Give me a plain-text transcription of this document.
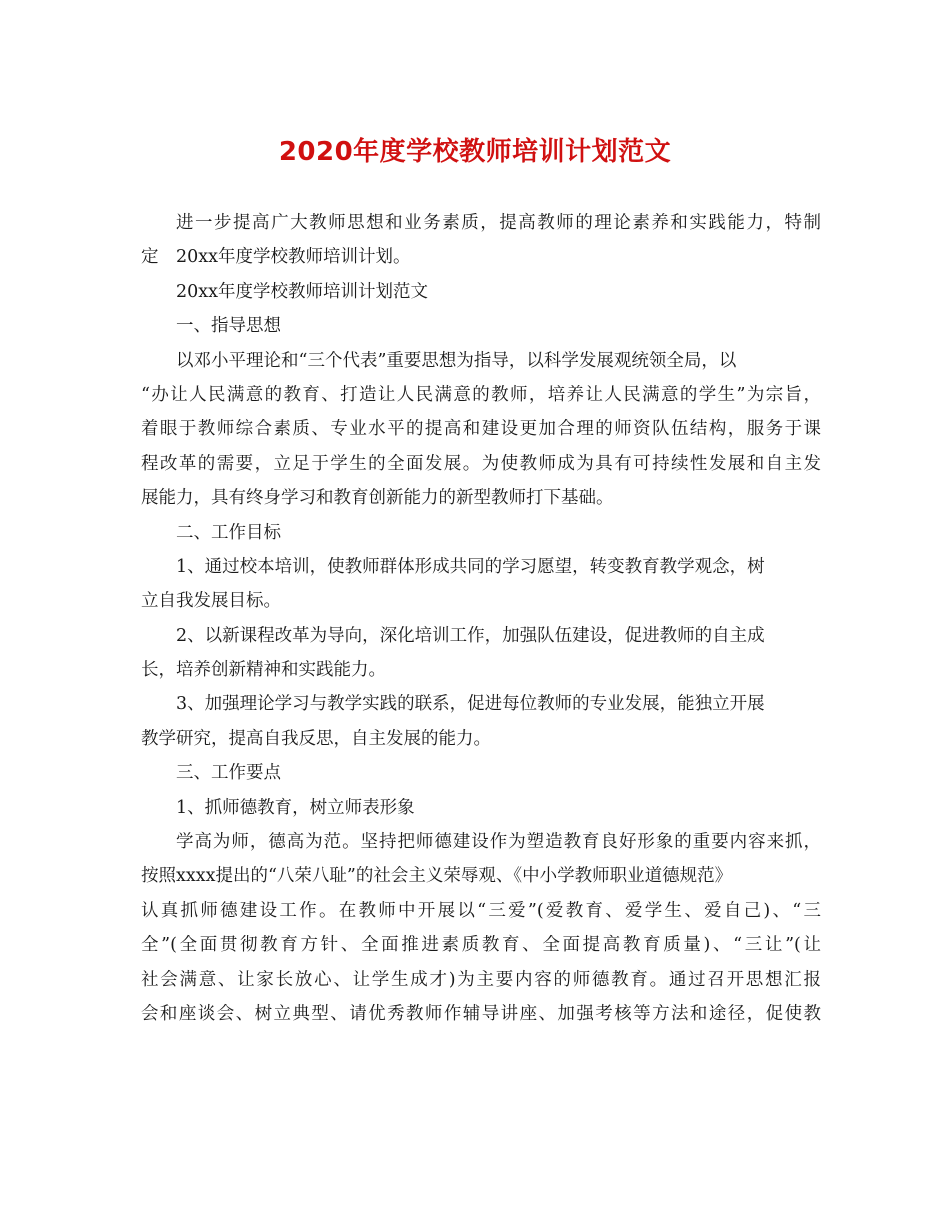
2020年度学校教师培训计划范文
进一步提高广大教师思想和业务素质，提高教师的理论素养和实践能力，特制
定　20xx年度学校教师培训计划。
20xx年度学校教师培训计划范文
一、指导思想
以邓小平理论和“三个代表”重要思想为指导，以科学发展观统领全局，以
“办让人民满意的教育、打造让人民满意的教师，培养让人民满意的学生”为宗旨，
着眼于教师综合素质、专业水平的提高和建设更加合理的师资队伍结构，服务于课
程改革的需要，立足于学生的全面发展。为使教师成为具有可持续性发展和自主发
展能力，具有终身学习和教育创新能力的新型教师打下基础。
二、工作目标
1、通过校本培训，使教师群体形成共同的学习愿望，转变教育教学观念，树
立自我发展目标。
2、以新课程改革为导向，深化培训工作，加强队伍建设，促进教师的自主成
长，培养创新精神和实践能力。
3、加强理论学习与教学实践的联系，促进每位教师的专业发展，能独立开展
教学研究，提高自我反思，自主发展的能力。
三、工作要点
1、抓师德教育，树立师表形象
学高为师，德高为范。坚持把师德建设作为塑造教育良好形象的重要内容来抓，
按照xxxx提出的“八荣八耻”的社会主义荣辱观、《中小学教师职业道德规范》
认真抓师德建设工作。在教师中开展以“三爱”(爱教育、爱学生、爱自己)、“三
全”(全面贯彻教育方针、全面推进素质教育、全面提高教育质量)、“三让”(让
社会满意、让家长放心、让学生成才)为主要内容的师德教育。通过召开思想汇报
会和座谈会、树立典型、请优秀教师作辅导讲座、加强考核等方法和途径，促使教
